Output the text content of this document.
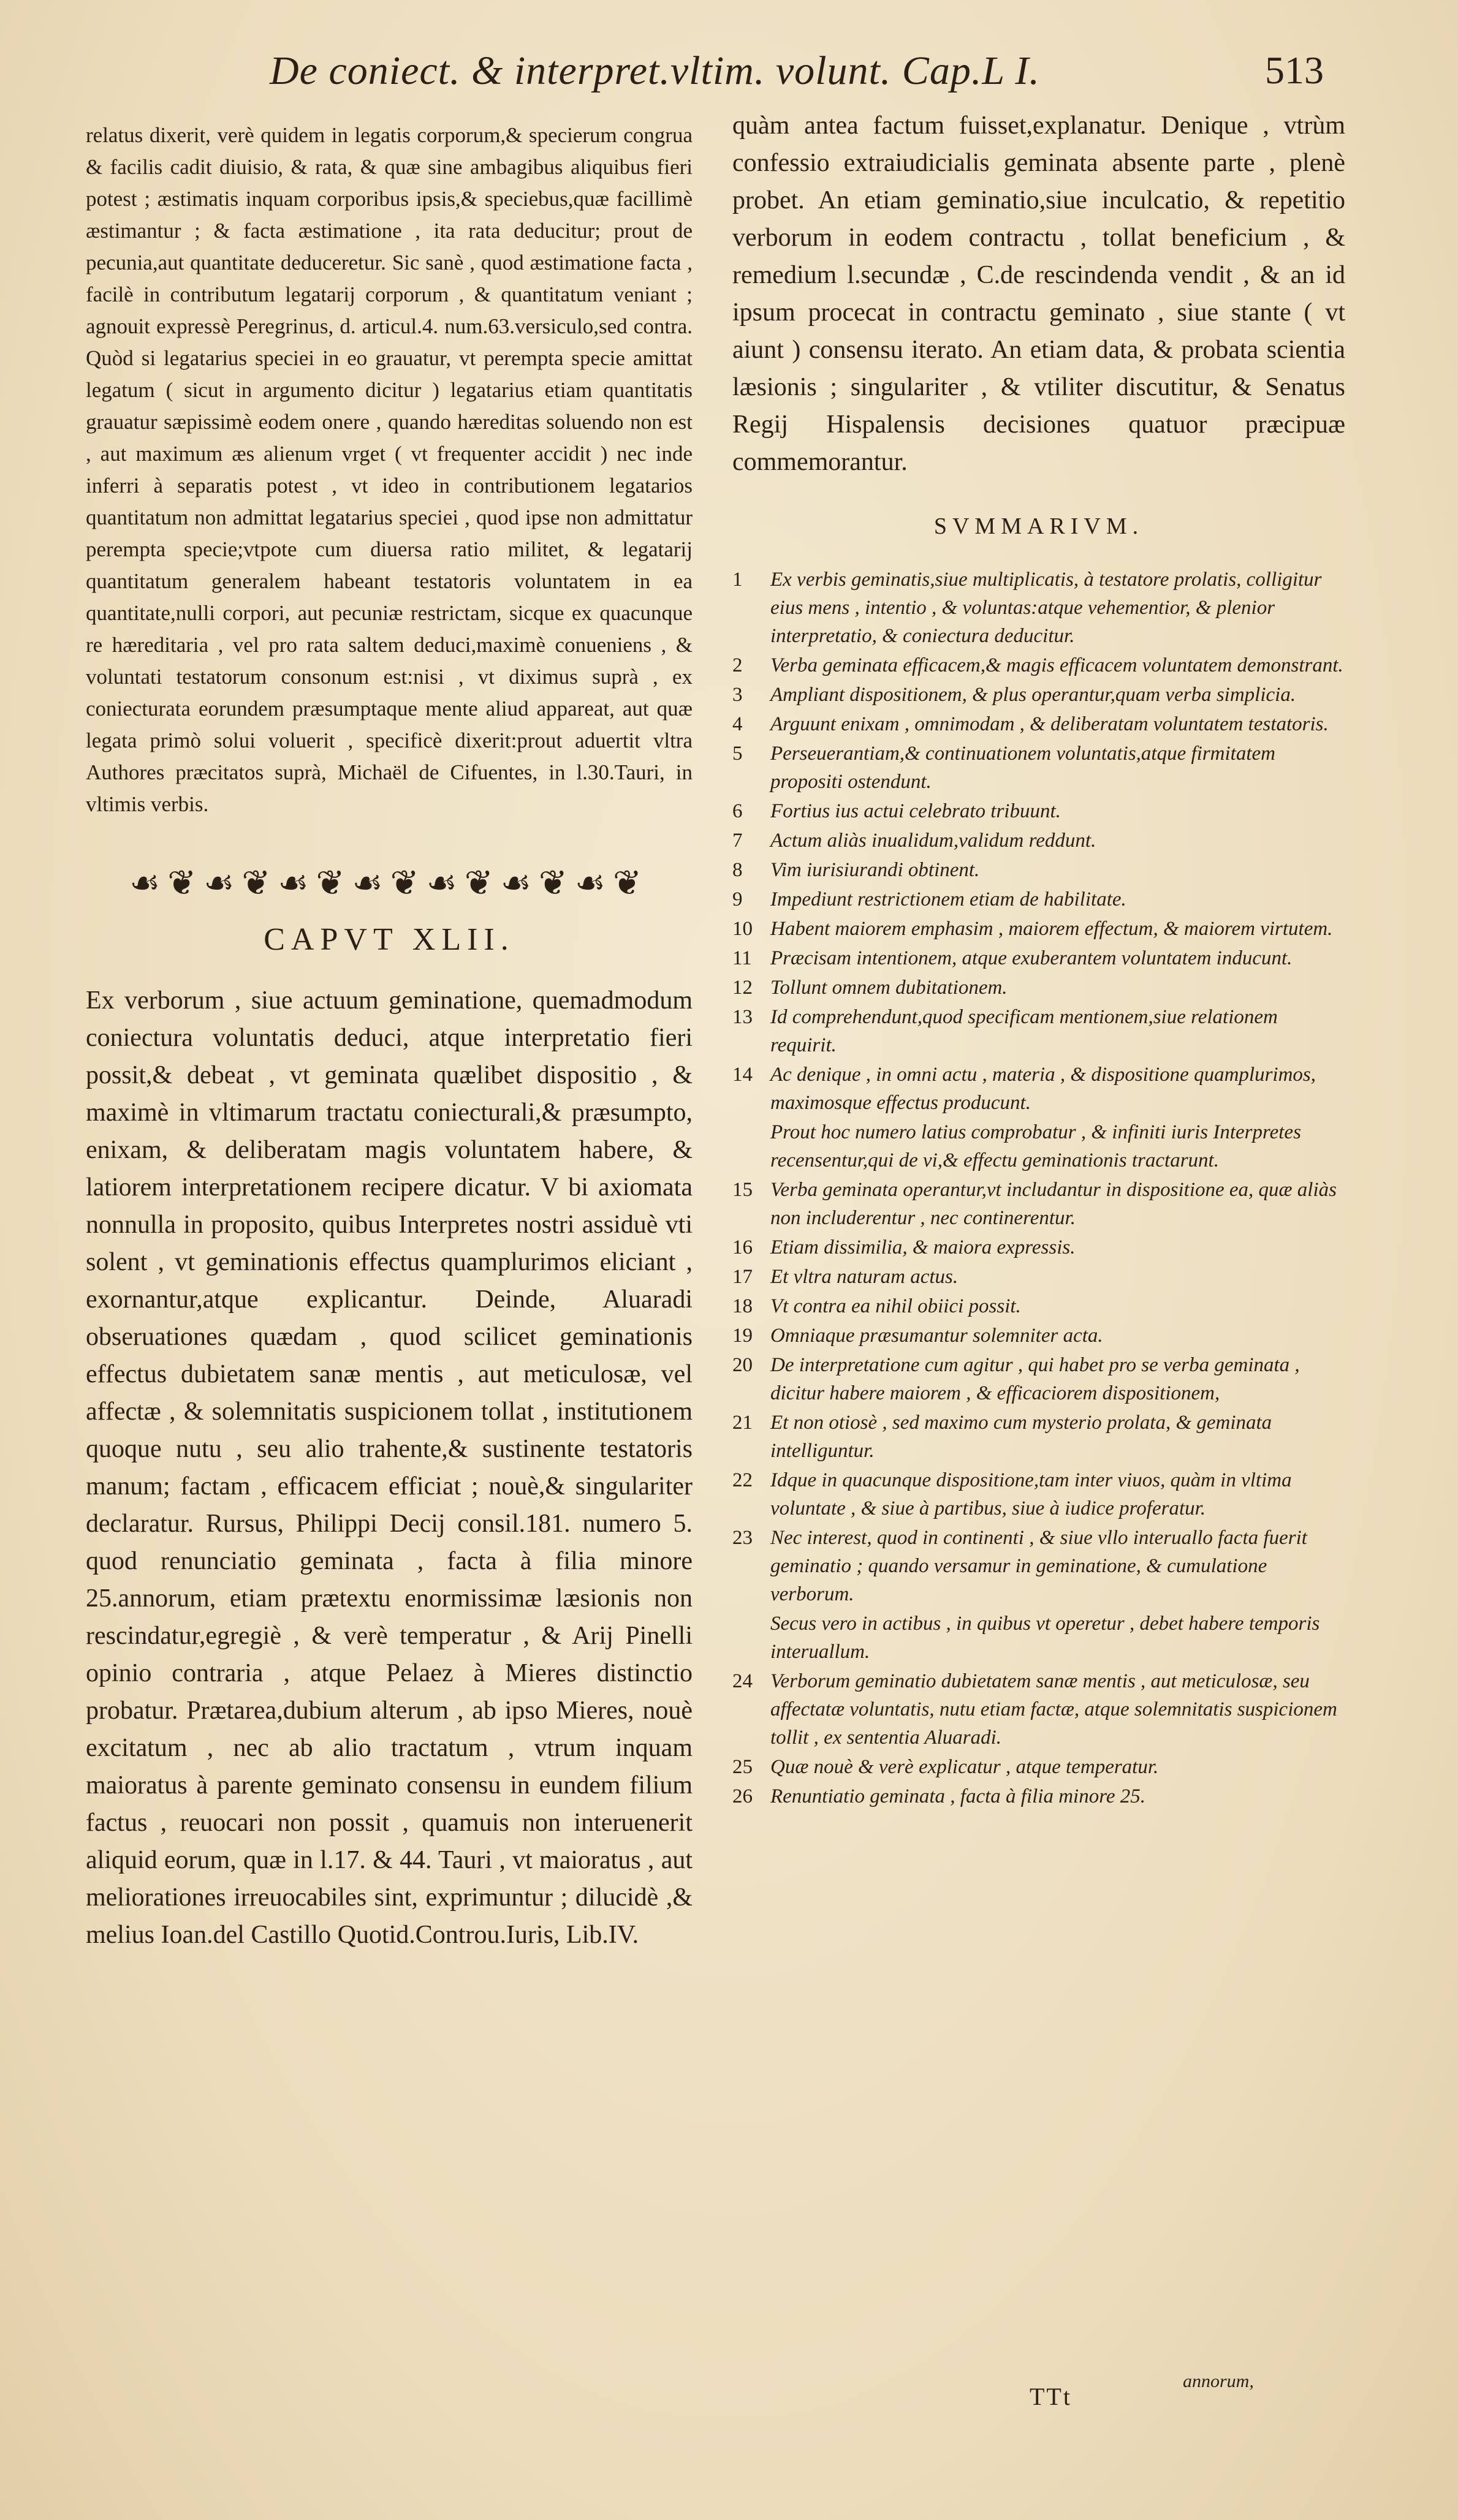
De coniect. & interpret.vltim. volunt. Cap.L I.	513

relatus dixerit, verè quidem in legatis corporum,& specierum congrua & facilis cadit diuisio, & rata, & quæ sine ambagibus aliquibus fieri potest ; æstimatis inquam corporibus ipsis,& speciebus,quæ facillimè æstimantur ; & facta æstimatione , ita rata deducitur; prout de pecunia,aut quantitate deduceretur. Sic sanè , quod æstimatione facta , facilè in contributum legatarij corporum , & quantitatum veniant ; agnouit expressè Peregrinus, d. articul.4. num.63.versiculo,sed contra. Quòd si legatarius speciei in eo grauatur, vt perempta specie amittat legatum ( sicut in argumento dicitur ) legatarius etiam quantitatis grauatur sæpissimè eodem onere , quando hæreditas soluendo non est , aut maximum æs alienum vrget ( vt frequenter accidit ) nec inde inferri à separatis potest , vt ideo in contributionem legatarios quantitatum non admittat legatarius speciei , quod ipse non admittatur perempta specie;vtpote cum diuersa ratio militet, & legatarij quantitatum generalem habeant testatoris voluntatem in ea quantitate,nulli corpori, aut pecuniæ restrictam, sicque ex quacunque re hæreditaria , vel pro rata saltem deduci,maximè conueniens , & voluntati testatorum consonum est:nisi , vt diximus suprà , ex coniecturata eorundem præsumptaque mente aliud appareat, aut quæ legata primò solui voluerit , specificè dixerit:prout aduertit vltra Authores præcitatos suprà, Michaël de Cifuentes, in l.30.Tauri, in vltimis verbis.

☙❦☙❦☙❦☙❦☙❦☙❦☙❦
CAPVT XLII.

Ex verborum , siue actuum geminatione, quemadmodum coniectura voluntatis deduci, atque interpretatio fieri possit,& debeat , vt geminata quælibet dispositio , & maximè in vltimarum tractatu coniecturali,& præsumpto, enixam, & deliberatam magis voluntatem habere, & latiorem interpretationem recipere dicatur. V bi axiomata nonnulla in proposito, quibus Interpretes nostri assiduè vti solent , vt geminationis effectus quamplurimos eliciant , exornantur,atque explicantur. Deinde, Aluaradi obseruationes quædam , quod scilicet geminationis effectus dubietatem sanæ mentis , aut meticulosæ, vel affectæ , & solemnitatis suspicionem tollat , institutionem quoque nutu , seu alio trahente,& sustinente testatoris manum; factam , efficacem efficiat ; nouè,& singulariter declaratur. Rursus, Philippi Decij consil.181. numero 5. quod renunciatio geminata , facta à filia minore 25.annorum, etiam prætextu enormissimæ læsionis non rescindatur,egregiè , & verè temperatur , & Arij Pinelli opinio contraria , atque Pelaez à Mieres distinctio probatur. Prætarea,dubium alterum , ab ipso Mieres, nouè excitatum , nec ab alio tractatum , vtrum inquam maioratus à parente geminato consensu in eundem filium factus , reuocari non possit , quamuis non interuenerit aliquid eorum, quæ in l.17. & 44. Tauri , vt maioratus , aut meliorationes irreuocabiles sint, exprimuntur ; dilucidè ,& melius Ioan.del Castillo Quotid.Controu.Iuris, Lib.IV.

quàm antea factum fuisset,explanatur. Denique , vtrùm confessio extraiudicialis geminata absente parte , plenè probet. An etiam geminatio,siue inculcatio, & repetitio verborum in eodem contractu , tollat beneficium , & remedium l.secundæ , C.de rescindenda vendit , & an id ipsum procecat in contractu geminato , siue stante ( vt aiunt ) consensu iterato. An etiam data, & probata scientia læsionis ; singulariter , & vtiliter discutitur, & Senatus Regij Hispalensis decisiones quatuor præcipuæ commemorantur.

SVMMARIVM.
1	Ex verbis geminatis,siue multiplicatis, à testatore prolatis, colligitur eius mens , intentio , & voluntas:atque vehementior, & plenior interpretatio, & coniectura deducitur.
2	Verba geminata efficacem,& magis efficacem voluntatem demonstrant.
3	Ampliant dispositionem, & plus operantur,quam verba simplicia.
4	Arguunt enixam , omnimodam , & deliberatam voluntatem testatoris.
5	Perseuerantiam,& continuationem voluntatis,atque firmitatem propositi ostendunt.
6	Fortius ius actui celebrato tribuunt.
7	Actum aliàs inualidum,validum reddunt.
8	Vim iurisiurandi obtinent.
9	Impediunt restrictionem etiam de habilitate.
10 Habent maiorem emphasim , maiorem effectum, & maiorem virtutem.
11 Præcisam intentionem, atque exuberantem voluntatem inducunt.
12 Tollunt omnem dubitationem.
13 Id comprehendunt,quod specificam mentionem,siue relationem requirit.
14 Ac denique , in omni actu , materia , & dispositione quamplurimos, maximosque effectus producunt.
Prout hoc numero latius comprobatur , & infiniti iuris Interpretes recensentur,qui de vi,& effectu geminationis tractarunt.
15 Verba geminata operantur,vt includantur in dispositione ea, quæ aliàs non includerentur , nec continerentur.
16 Etiam dissimilia, & maiora expressis.
17 Et vltra naturam actus.
18 Vt contra ea nihil obiici possit.
19 Omniaque præsumantur solemniter acta.
20 De interpretatione cum agitur , qui habet pro se verba geminata , dicitur habere maiorem , & efficaciorem dispositionem,
21 Et non otiosè , sed maximo cum mysterio prolata, & geminata intelliguntur.
22 Idque in quacunque dispositione,tam inter viuos, quàm in vltima voluntate , & siue à partibus, siue à iudice proferatur.
23 Nec interest, quod in continenti , & siue vllo interuallo facta fuerit geminatio ; quando versamur in geminatione, & cumulatione verborum.
Secus vero in actibus , in quibus vt operetur , debet habere temporis interuallum.
24 Verborum geminatio dubietatem sanæ mentis , aut meticulosæ, seu affectatæ voluntatis, nutu etiam factæ, atque solemnitatis suspicionem tollit , ex sententia Aluaradi.
25 Quæ nouè & verè explicatur , atque temperatur.
26 Renuntiatio geminata , facta à filia minore 25.
TTt
annorum,
